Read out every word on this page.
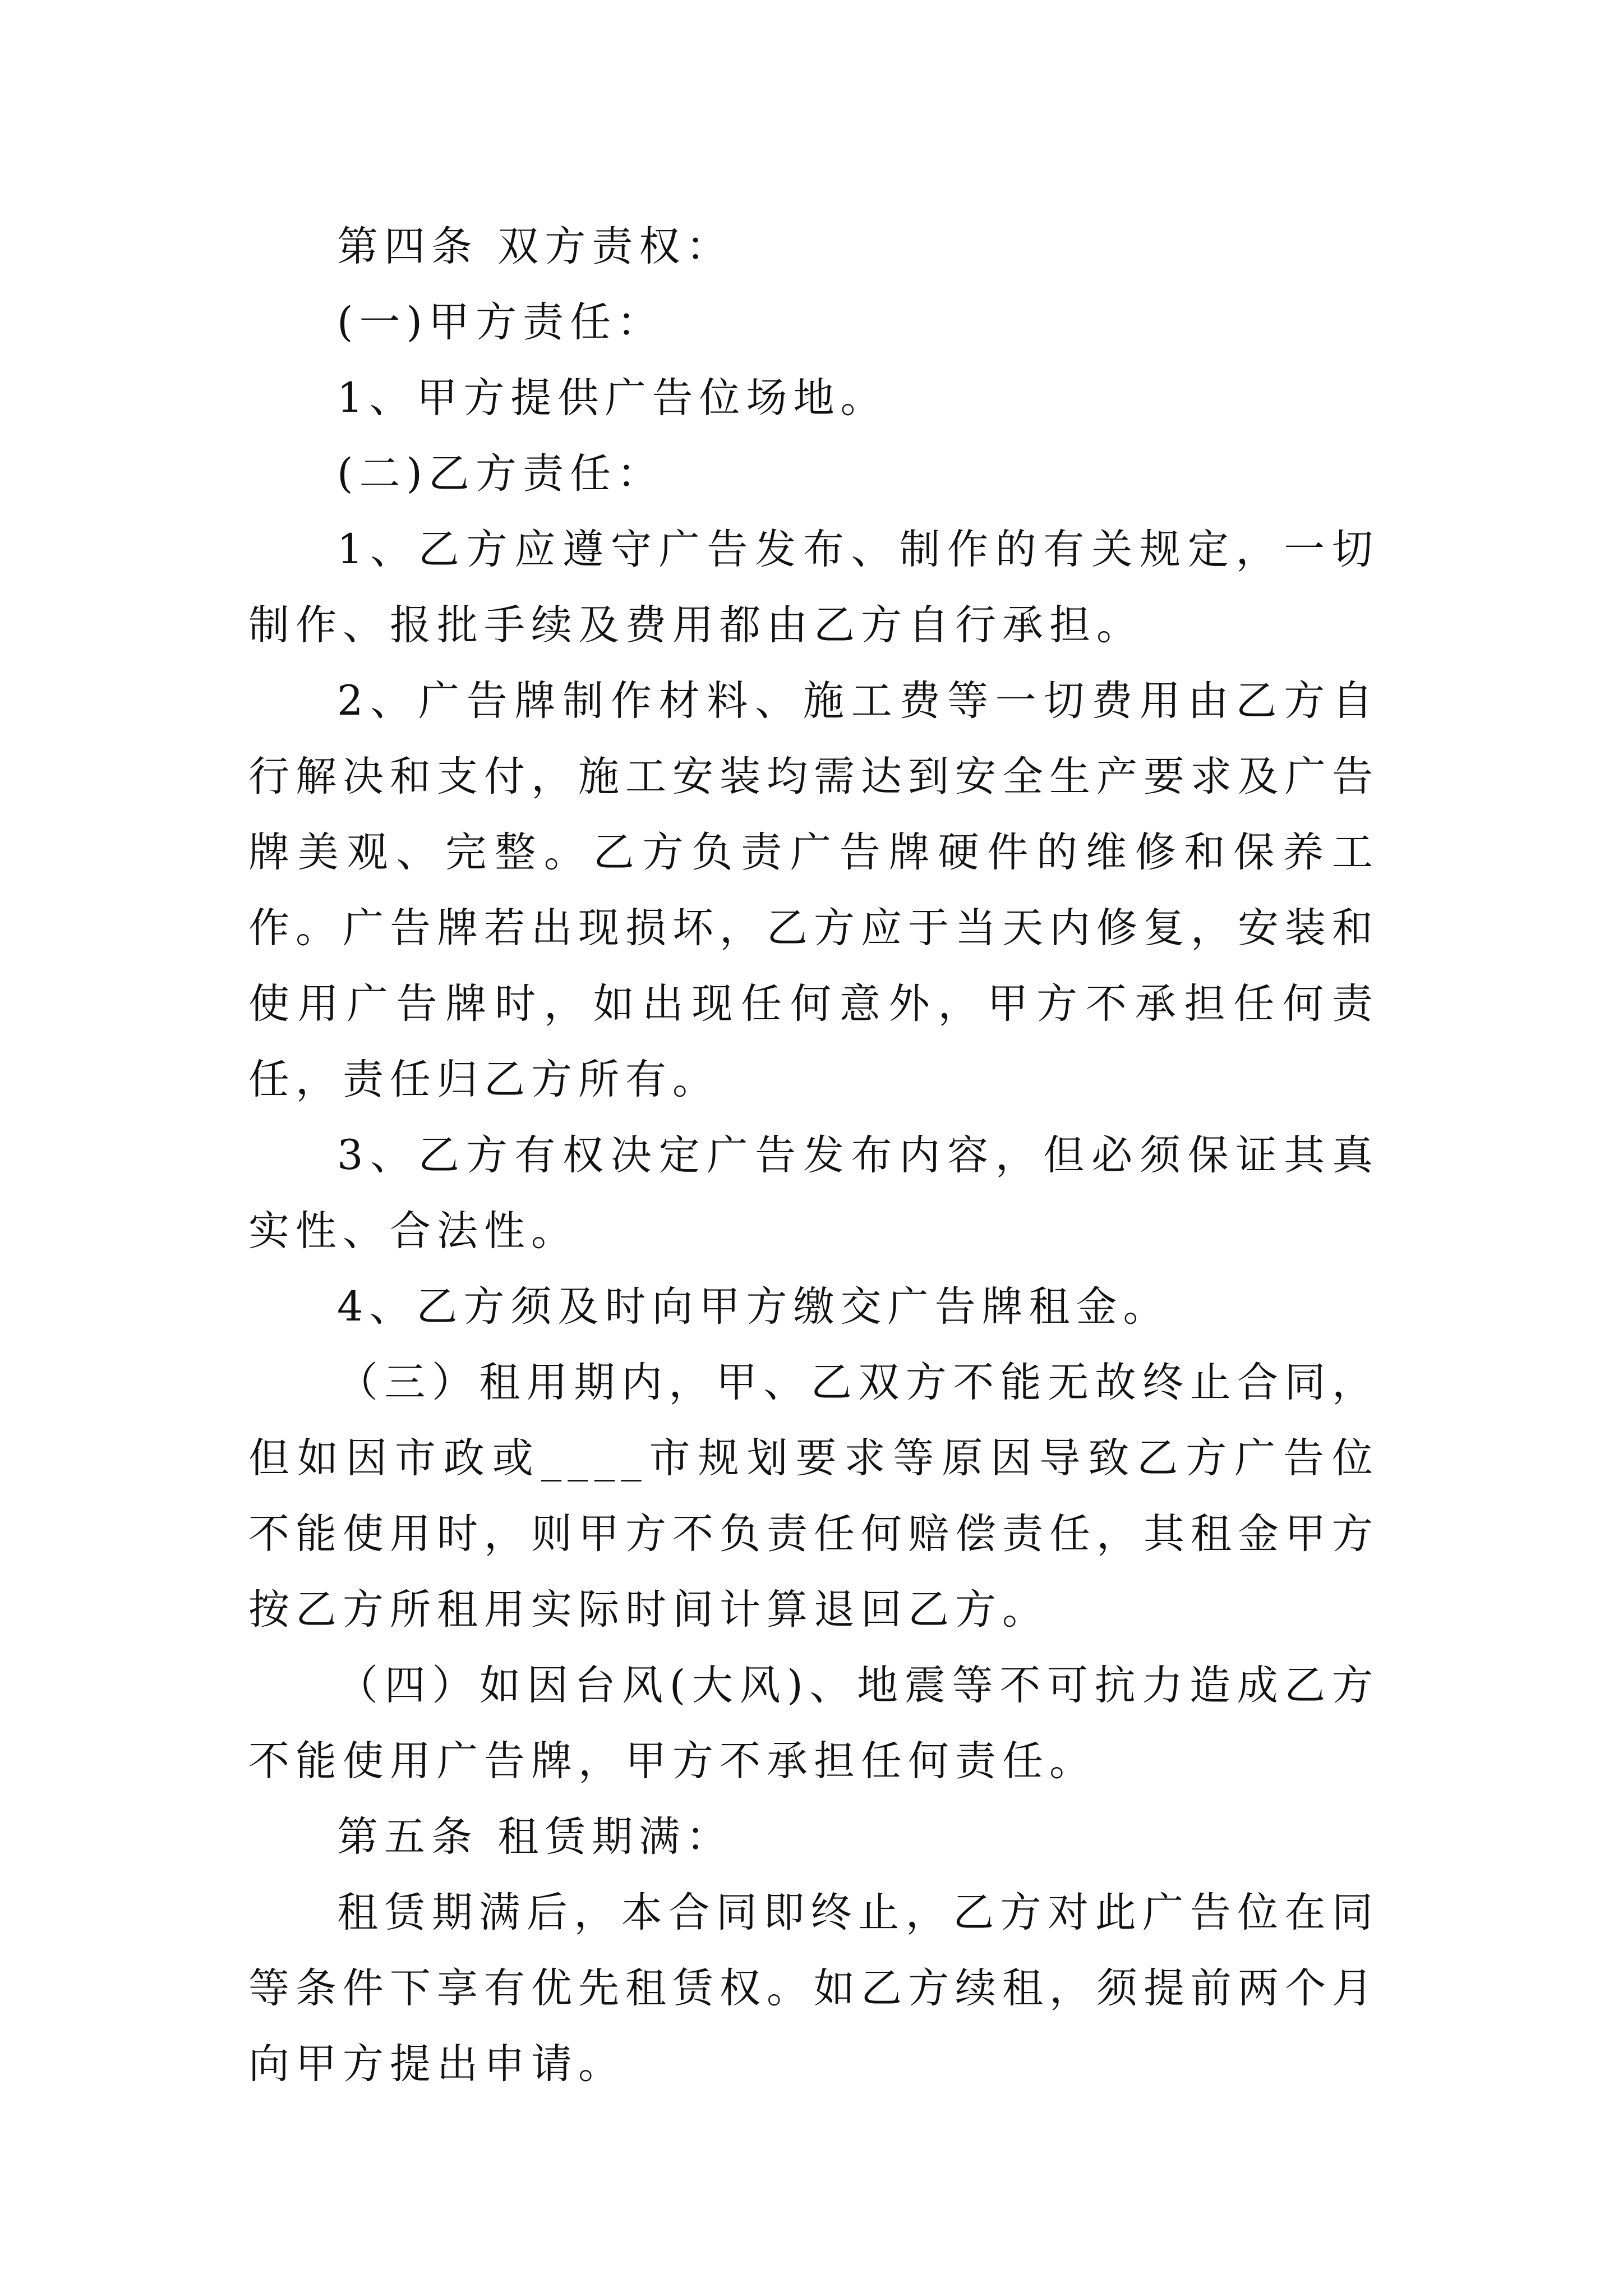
第四条 双方责权：

(一)甲方责任：

1、甲方提供广告位场地。

(二)乙方责任：

1、乙方应遵守广告发布、制作的有关规定，一切制作、报批手续及费用都由乙方自行承担。

2、广告牌制作材料、施工费等一切费用由乙方自行解决和支付，施工安装均需达到安全生产要求及广告牌美观、完整。乙方负责广告牌硬件的维修和保养工作。广告牌若出现损坏，乙方应于当天内修复，安装和使用广告牌时，如出现任何意外，甲方不承担任何责任，责任归乙方所有。

3、乙方有权决定广告发布内容，但必须保证其真实性、合法性。

4、乙方须及时向甲方缴交广告牌租金。

（三）租用期内，甲、乙双方不能无故终止合同，但如因市政或____市规划要求等原因导致乙方广告位不能使用时，则甲方不负责任何赔偿责任，其租金甲方按乙方所租用实际时间计算退回乙方。

（四）如因台风(大风)、地震等不可抗力造成乙方不能使用广告牌，甲方不承担任何责任。

第五条 租赁期满：

租赁期满后，本合同即终止，乙方对此广告位在同等条件下享有优先租赁权。如乙方续租，须提前两个月向甲方提出申请。
